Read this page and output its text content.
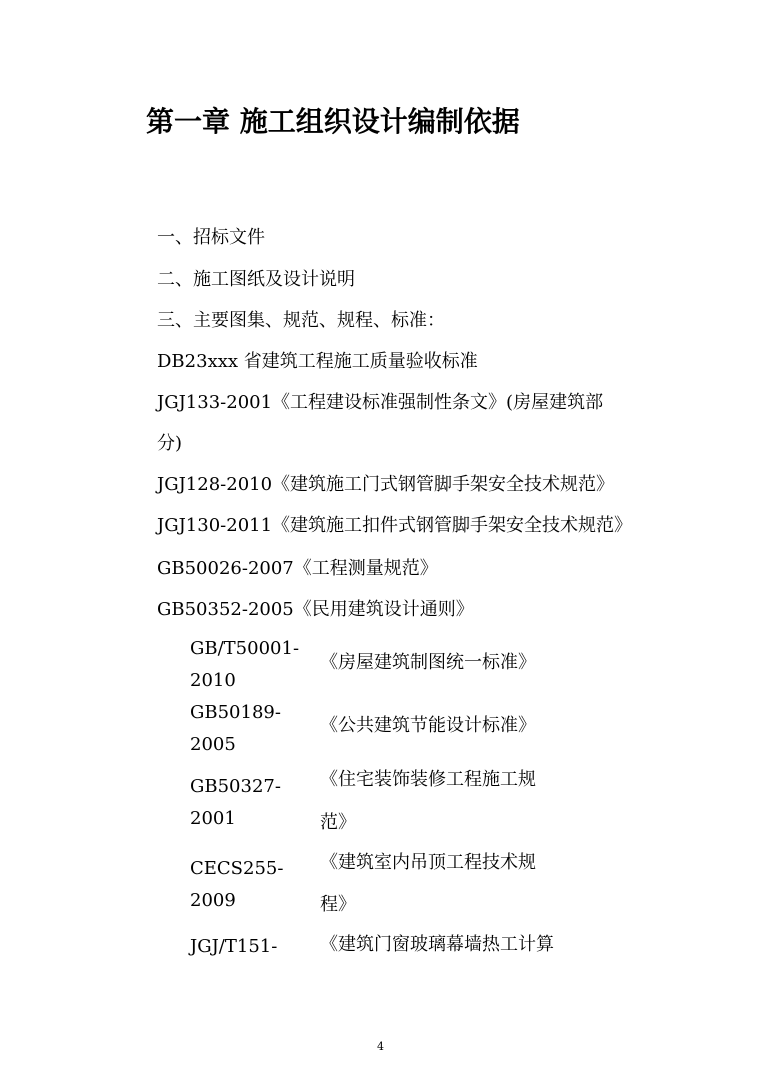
第一章 施工组织设计编制依据
一、招标文件
二、施工图纸及设计说明
三、主要图集、规范、规程、标准：
DB23xxx 省建筑工程施工质量验收标准
JGJ133-2001《工程建设标准强制性条文》(房屋建筑部
分)
JGJ128-2010《建筑施工门式钢管脚手架安全技术规范》
JGJ130-2011《建筑施工扣件式钢管脚手架安全技术规范》
GB50026-2007《工程测量规范》
GB50352-2005《民用建筑设计通则》
GB/T50001-
2010
《房屋建筑制图统一标准》
GB50189-
2005
《公共建筑节能设计标准》
GB50327-
2001
《住宅装饰装修工程施工规
范》
CECS255-
2009
《建筑室内吊顶工程技术规
程》
JGJ/T151- 《建筑门窗玻璃幕墙热工计算
4
